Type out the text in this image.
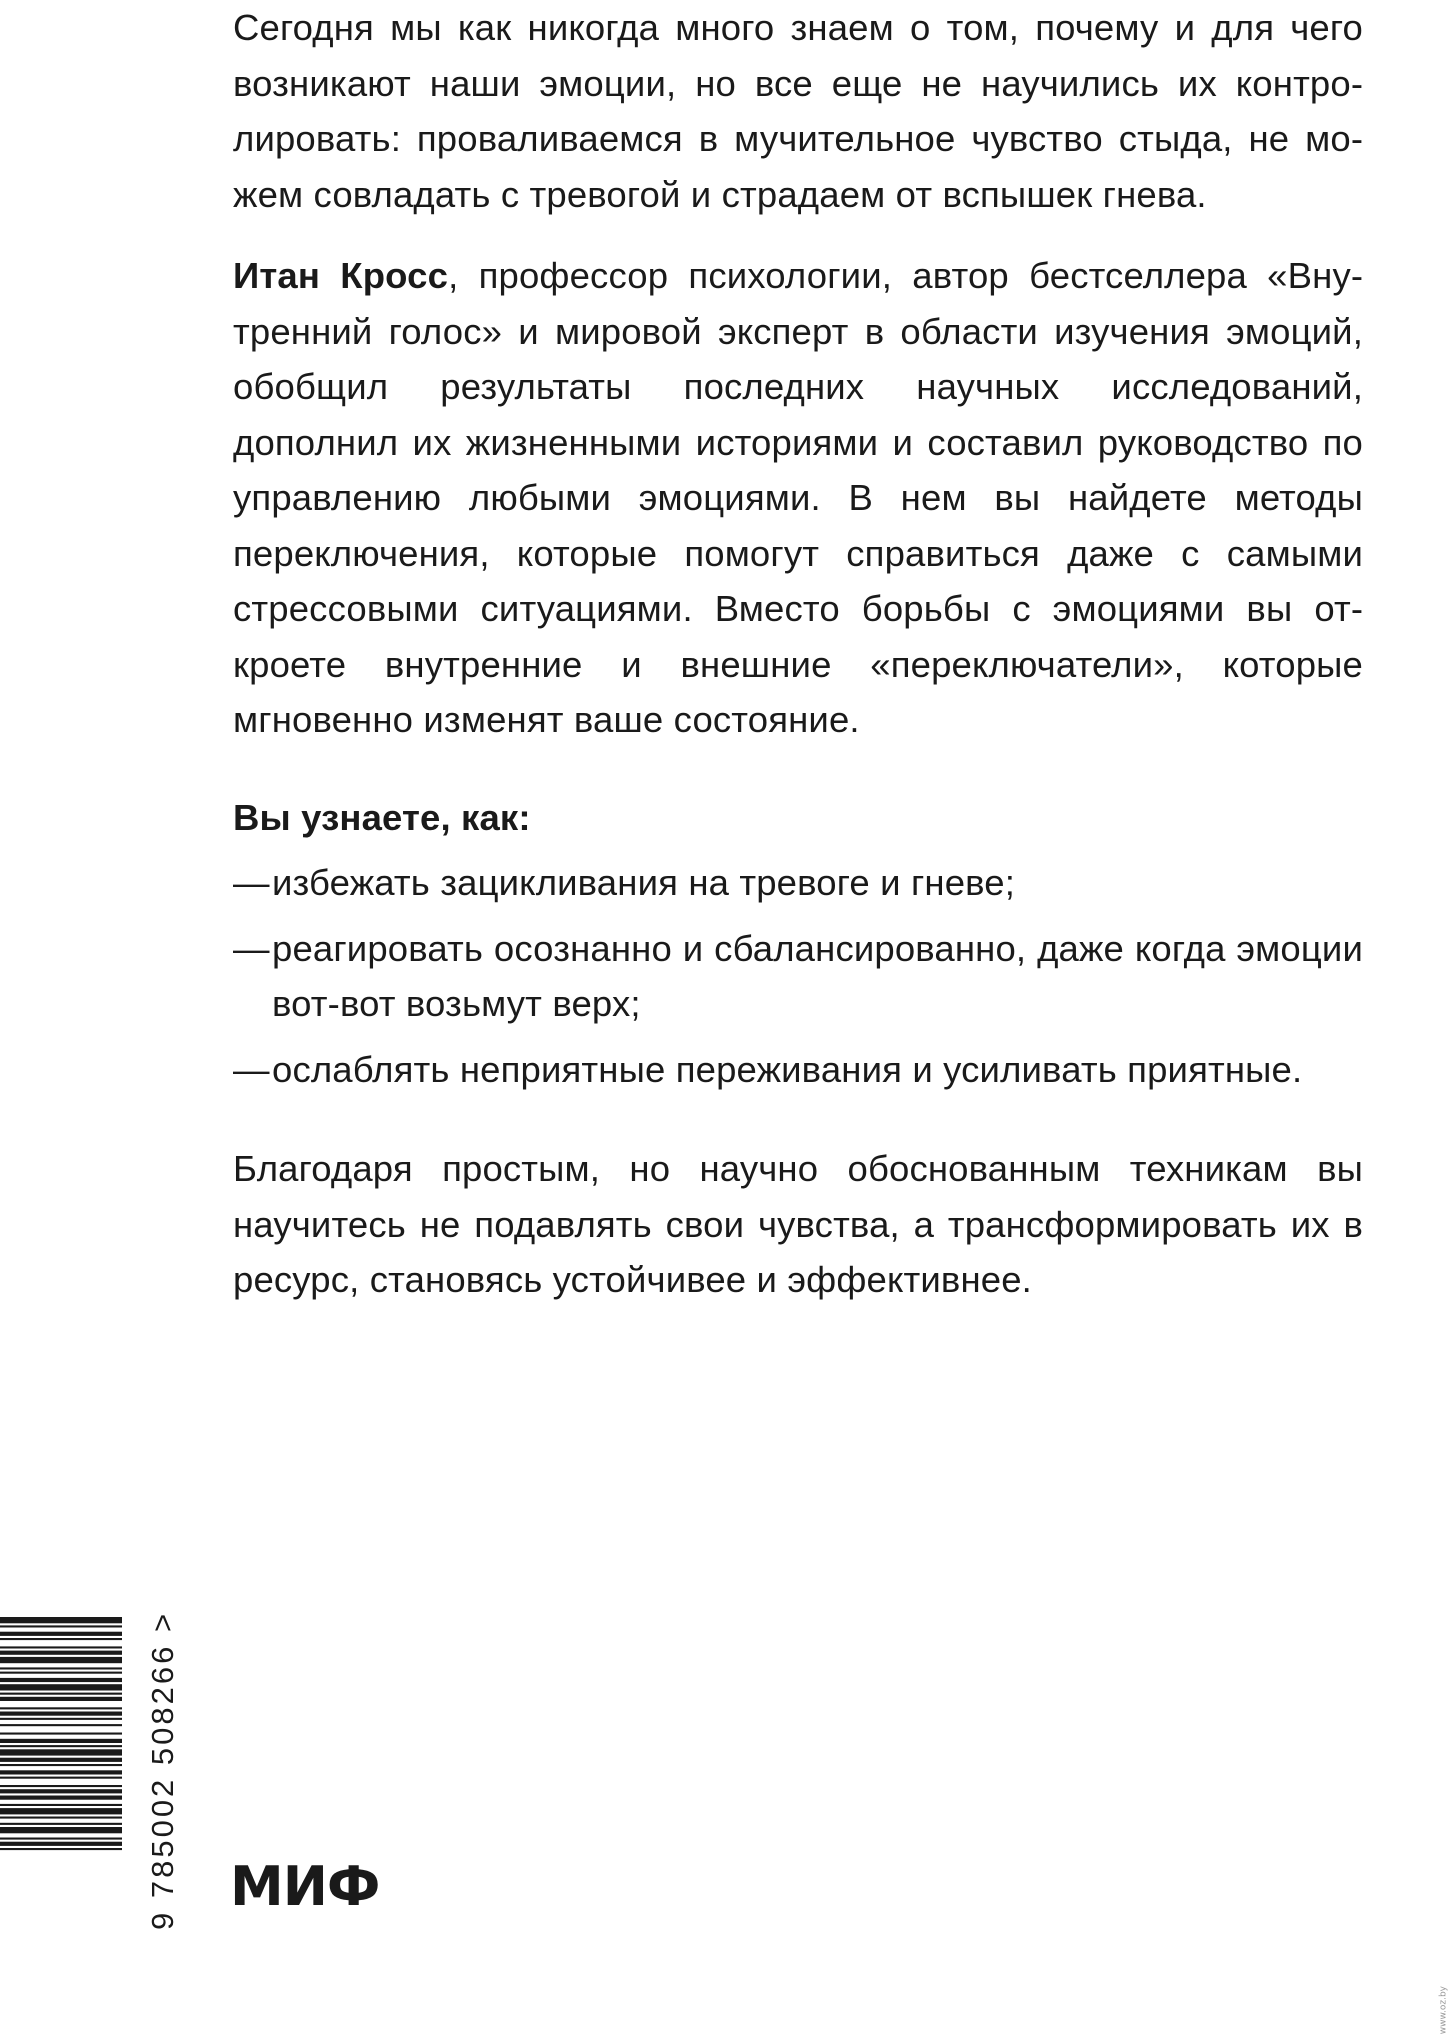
Сегодня мы как никогда много знаем о том, почему и для чего возникают наши эмоции, но все еще не научились их контролировать: проваливаемся в мучительное чувство стыда, не можем совладать с тревогой и страдаем от вспышек гнева.

Итан Кросс, профессор психологии, автор бестселлера «Внутренний голос» и мировой эксперт в области изучения эмоций, обобщил результаты последних научных исследований, дополнил их жизненными историями и составил руководство по управлению любыми эмоциями. В нем вы найдете методы переключения, которые помогут справиться даже с самыми стрессовыми ситуациями. Вместо борьбы с эмоциями вы откроете внутренние и внешние «переключатели», которые мгновенно изменят ваше состояние.

Вы узнаете, как:

— избежать зацикливания на тревоге и гневе;
— реагировать осознанно и сбалансированно, даже когда эмоции вот-вот возьмут верх;
— ослаблять неприятные переживания и усиливать приятные.

Благодаря простым, но научно обоснованным техникам вы научитесь не подавлять свои чувства, а трансформировать их в ресурс, становясь устойчивее и эффективнее.

9 785002 508266 > МИФ
www.oz.by
